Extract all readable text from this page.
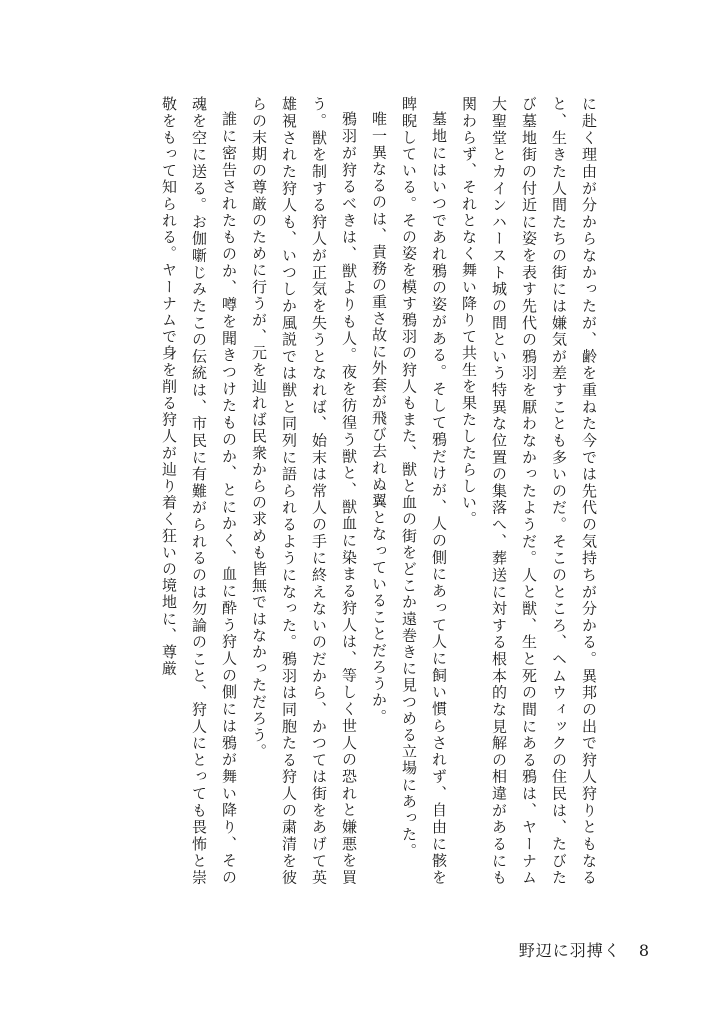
に赴く理由が分からなかったが、齢を重ねた今では先代の気持ちが分かる。異邦の出で狩人狩りともなると、生きた人間たちの街には嫌気が差すことも多いのだ。そこのところ、ヘムウィックの住民は、たびたび墓地街の付近に姿を表す先代の鴉羽を厭わなかったようだ。人と獣、生と死の間にある鴉は、ヤーナム大聖堂とカインハースト城の間という特異な位置の集落へ、葬送に対する根本的な見解の相違があるにも関わらず、それとなく舞い降りて共生を果たしたらしい。

墓地にはいつであれ鴉の姿がある。そして鴉だけが、人の側にあって人に飼い慣らされず、自由に骸を睥睨している。その姿を模す鴉羽の狩人もまた、獣と血の街をどこか遠巻きに見つめる立場にあった。

唯一異なるのは、責務の重さ故に外套が飛び去れぬ翼となっていることだろうか。

鴉羽が狩るべきは、獣よりも人。夜を彷徨う獣と、獣血に染まる狩人は、等しく世人の恐れと嫌悪を買う。獣を制する狩人が正気を失うとなれば、始末は常人の手に終えないのだから、かつては街をあげて英雄視された狩人も、いつしか風説では獣と同列に語られるようになった。鴉羽は同胞たる狩人の粛清を彼らの末期の尊厳のために行うが、元を辿れば民衆からの求めも皆無ではなかっただろう。

誰に密告されたものか、噂を聞きつけたものか、とにかく、血に酔う狩人の側には鴉が舞い降り、その魂を空に送る。お伽噺じみたこの伝統は、市民に有難がられるのは勿論のこと、狩人にとっても畏怖と崇敬をもって知られる。ヤーナムで身を削る狩人が辿り着く狂いの境地に、尊厳

野辺に羽搏く 8
